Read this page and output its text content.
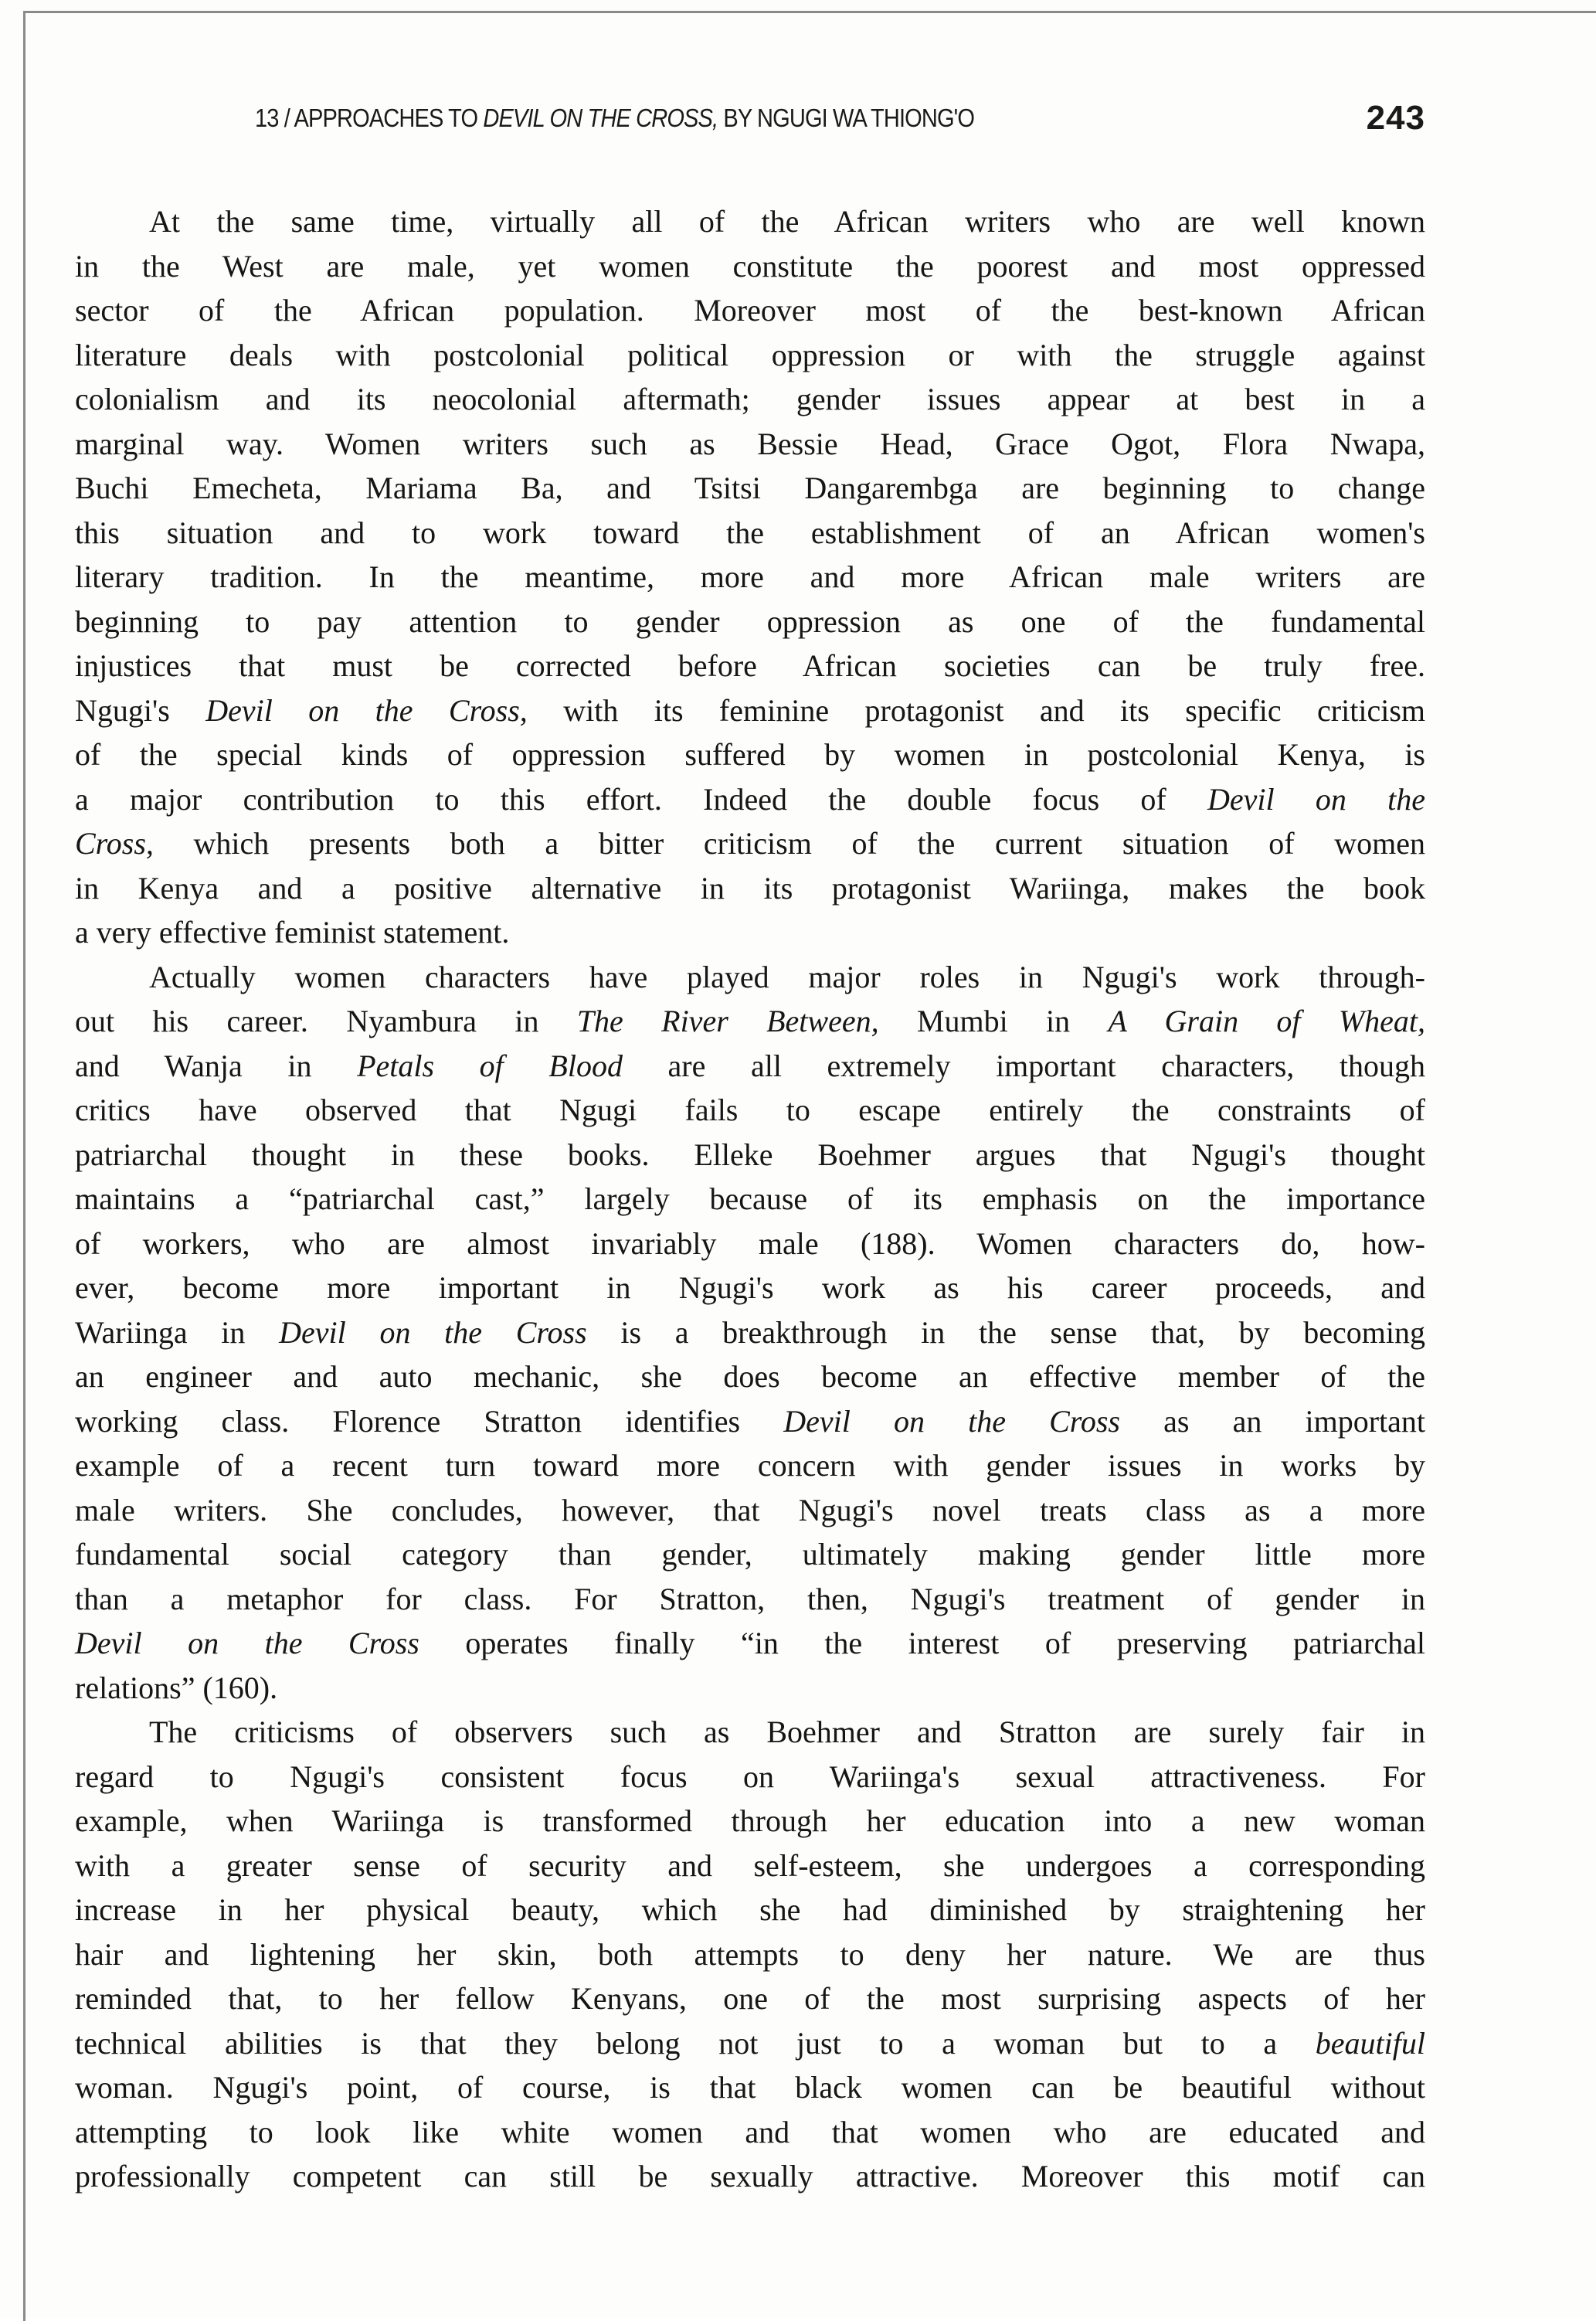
13 / APPROACHES TO DEVIL ON THE CROSS, BY NGUGI WA THIONG'O	243
At the same time, virtually all of the African writers who are well known
in the West are male, yet women constitute the poorest and most oppressed
sector of the African population. Moreover most of the best-known African
literature deals with postcolonial political oppression or with the struggle against
colonialism and its neocolonial aftermath; gender issues appear at best in a
marginal way. Women writers such as Bessie Head, Grace Ogot, Flora Nwapa,
Buchi Emecheta, Mariama Ba, and Tsitsi Dangarembga are beginning to change
this situation and to work toward the establishment of an African women's
literary tradition. In the meantime, more and more African male writers are
beginning to pay attention to gender oppression as one of the fundamental
injustices that must be corrected before African societies can be truly free.
Ngugi's Devil on the Cross, with its feminine protagonist and its specific criticism
of the special kinds of oppression suffered by women in postcolonial Kenya, is
a major contribution to this effort. Indeed the double focus of Devil on the
Cross, which presents both a bitter criticism of the current situation of women
in Kenya and a positive alternative in its protagonist Wariinga, makes the book
a very effective feminist statement.
Actually women characters have played major roles in Ngugi's work through-
out his career. Nyambura in The River Between, Mumbi in A Grain of Wheat,
and Wanja in Petals of Blood are all extremely important characters, though
critics have observed that Ngugi fails to escape entirely the constraints of
patriarchal thought in these books. Elleke Boehmer argues that Ngugi's thought
maintains a “patriarchal cast,” largely because of its emphasis on the importance
of workers, who are almost invariably male (188). Women characters do, how-
ever, become more important in Ngugi's work as his career proceeds, and
Wariinga in Devil on the Cross is a breakthrough in the sense that, by becoming
an engineer and auto mechanic, she does become an effective member of the
working class. Florence Stratton identifies Devil on the Cross as an important
example of a recent turn toward more concern with gender issues in works by
male writers. She concludes, however, that Ngugi's novel treats class as a more
fundamental social category than gender, ultimately making gender little more
than a metaphor for class. For Stratton, then, Ngugi's treatment of gender in
Devil on the Cross operates finally “in the interest of preserving patriarchal
relations” (160).
The criticisms of observers such as Boehmer and Stratton are surely fair in
regard to Ngugi's consistent focus on Wariinga's sexual attractiveness. For
example, when Wariinga is transformed through her education into a new woman
with a greater sense of security and self-esteem, she undergoes a corresponding
increase in her physical beauty, which she had diminished by straightening her
hair and lightening her skin, both attempts to deny her nature. We are thus
reminded that, to her fellow Kenyans, one of the most surprising aspects of her
technical abilities is that they belong not just to a woman but to a beautiful
woman. Ngugi's point, of course, is that black women can be beautiful without
attempting to look like white women and that women who are educated and
professionally competent can still be sexually attractive. Moreover this motif can
